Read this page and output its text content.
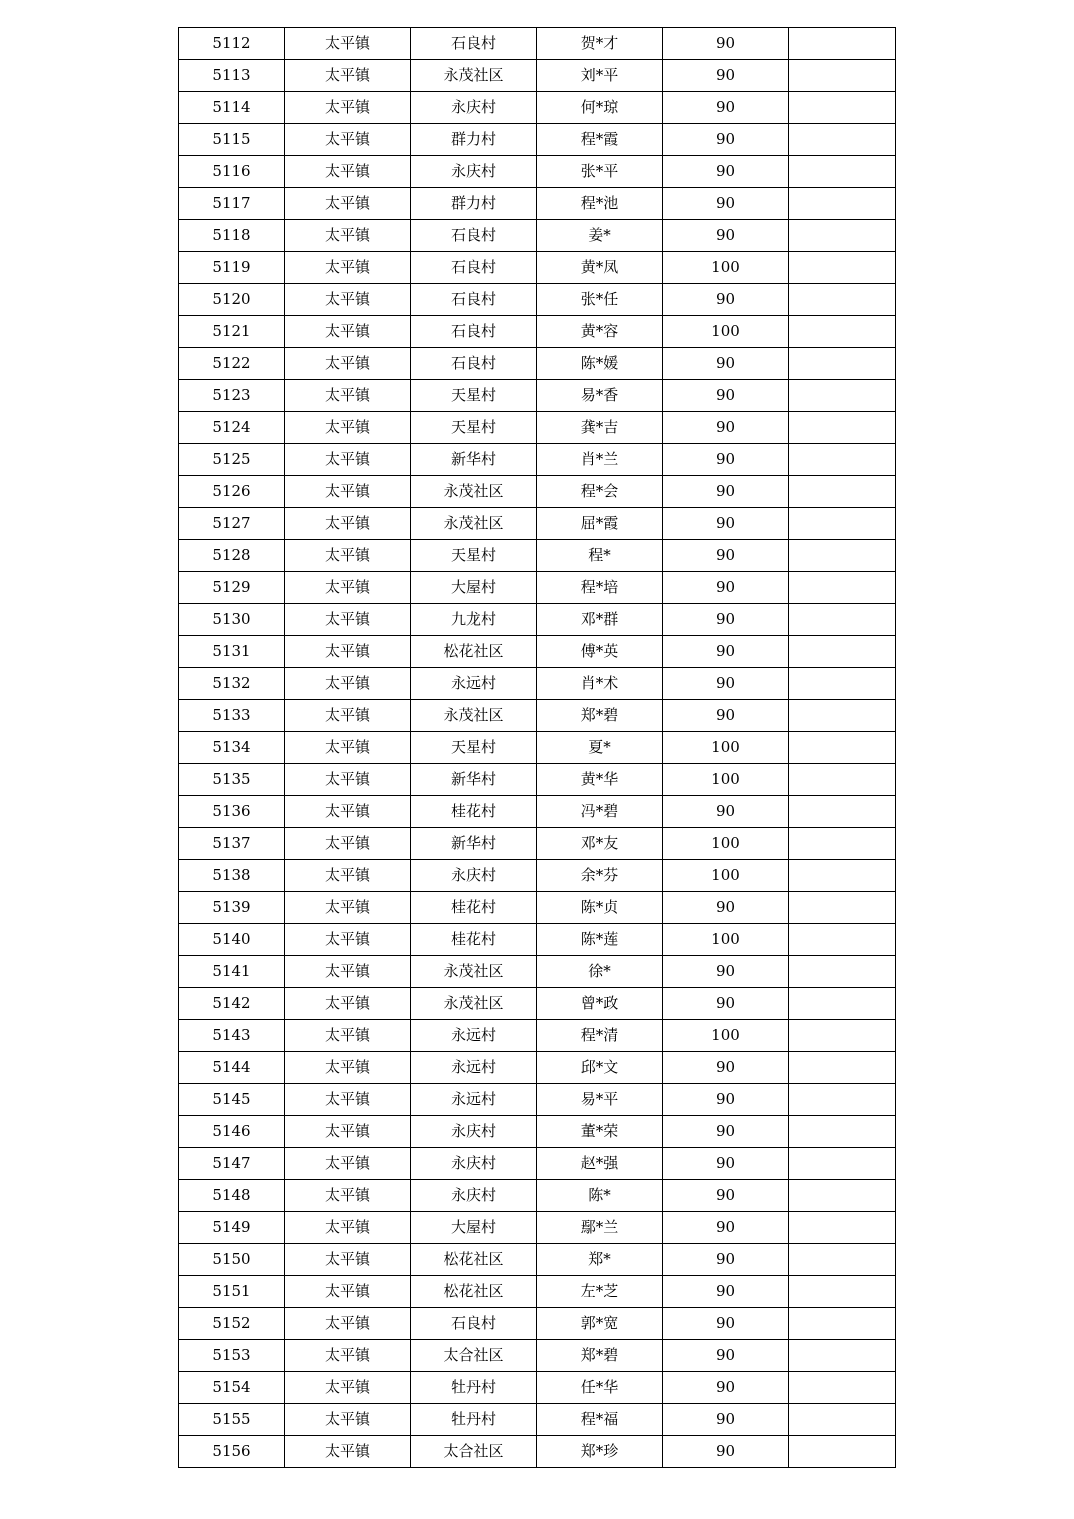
5112	太平镇	石良村	贺*才	90	
5113	太平镇	永茂社区	刘*平	90	
5114	太平镇	永庆村	何*琼	90	
5115	太平镇	群力村	程*霞	90	
5116	太平镇	永庆村	张*平	90	
5117	太平镇	群力村	程*池	90	
5118	太平镇	石良村	姜*	90	
5119	太平镇	石良村	黄*凤	100	
5120	太平镇	石良村	张*任	90	
5121	太平镇	石良村	黄*容	100	
5122	太平镇	石良村	陈*媛	90	
5123	太平镇	天星村	易*香	90	
5124	太平镇	天星村	龚*吉	90	
5125	太平镇	新华村	肖*兰	90	
5126	太平镇	永茂社区	程*会	90	
5127	太平镇	永茂社区	屈*霞	90	
5128	太平镇	天星村	程*	90	
5129	太平镇	大屋村	程*培	90	
5130	太平镇	九龙村	邓*群	90	
5131	太平镇	松花社区	傅*英	90	
5132	太平镇	永远村	肖*术	90	
5133	太平镇	永茂社区	郑*碧	90	
5134	太平镇	天星村	夏*	100	
5135	太平镇	新华村	黄*华	100	
5136	太平镇	桂花村	冯*碧	90	
5137	太平镇	新华村	邓*友	100	
5138	太平镇	永庆村	余*芬	100	
5139	太平镇	桂花村	陈*贞	90	
5140	太平镇	桂花村	陈*莲	100	
5141	太平镇	永茂社区	徐*	90	
5142	太平镇	永茂社区	曾*政	90	
5143	太平镇	永远村	程*清	100	
5144	太平镇	永远村	邱*文	90	
5145	太平镇	永远村	易*平	90	
5146	太平镇	永庆村	董*荣	90	
5147	太平镇	永庆村	赵*强	90	
5148	太平镇	永庆村	陈*	90	
5149	太平镇	大屋村	鄢*兰	90	
5150	太平镇	松花社区	郑*	90	
5151	太平镇	松花社区	左*芝	90	
5152	太平镇	石良村	郭*宽	90	
5153	太平镇	太合社区	郑*碧	90	
5154	太平镇	牡丹村	任*华	90	
5155	太平镇	牡丹村	程*福	90	
5156	太平镇	太合社区	郑*珍	90	
